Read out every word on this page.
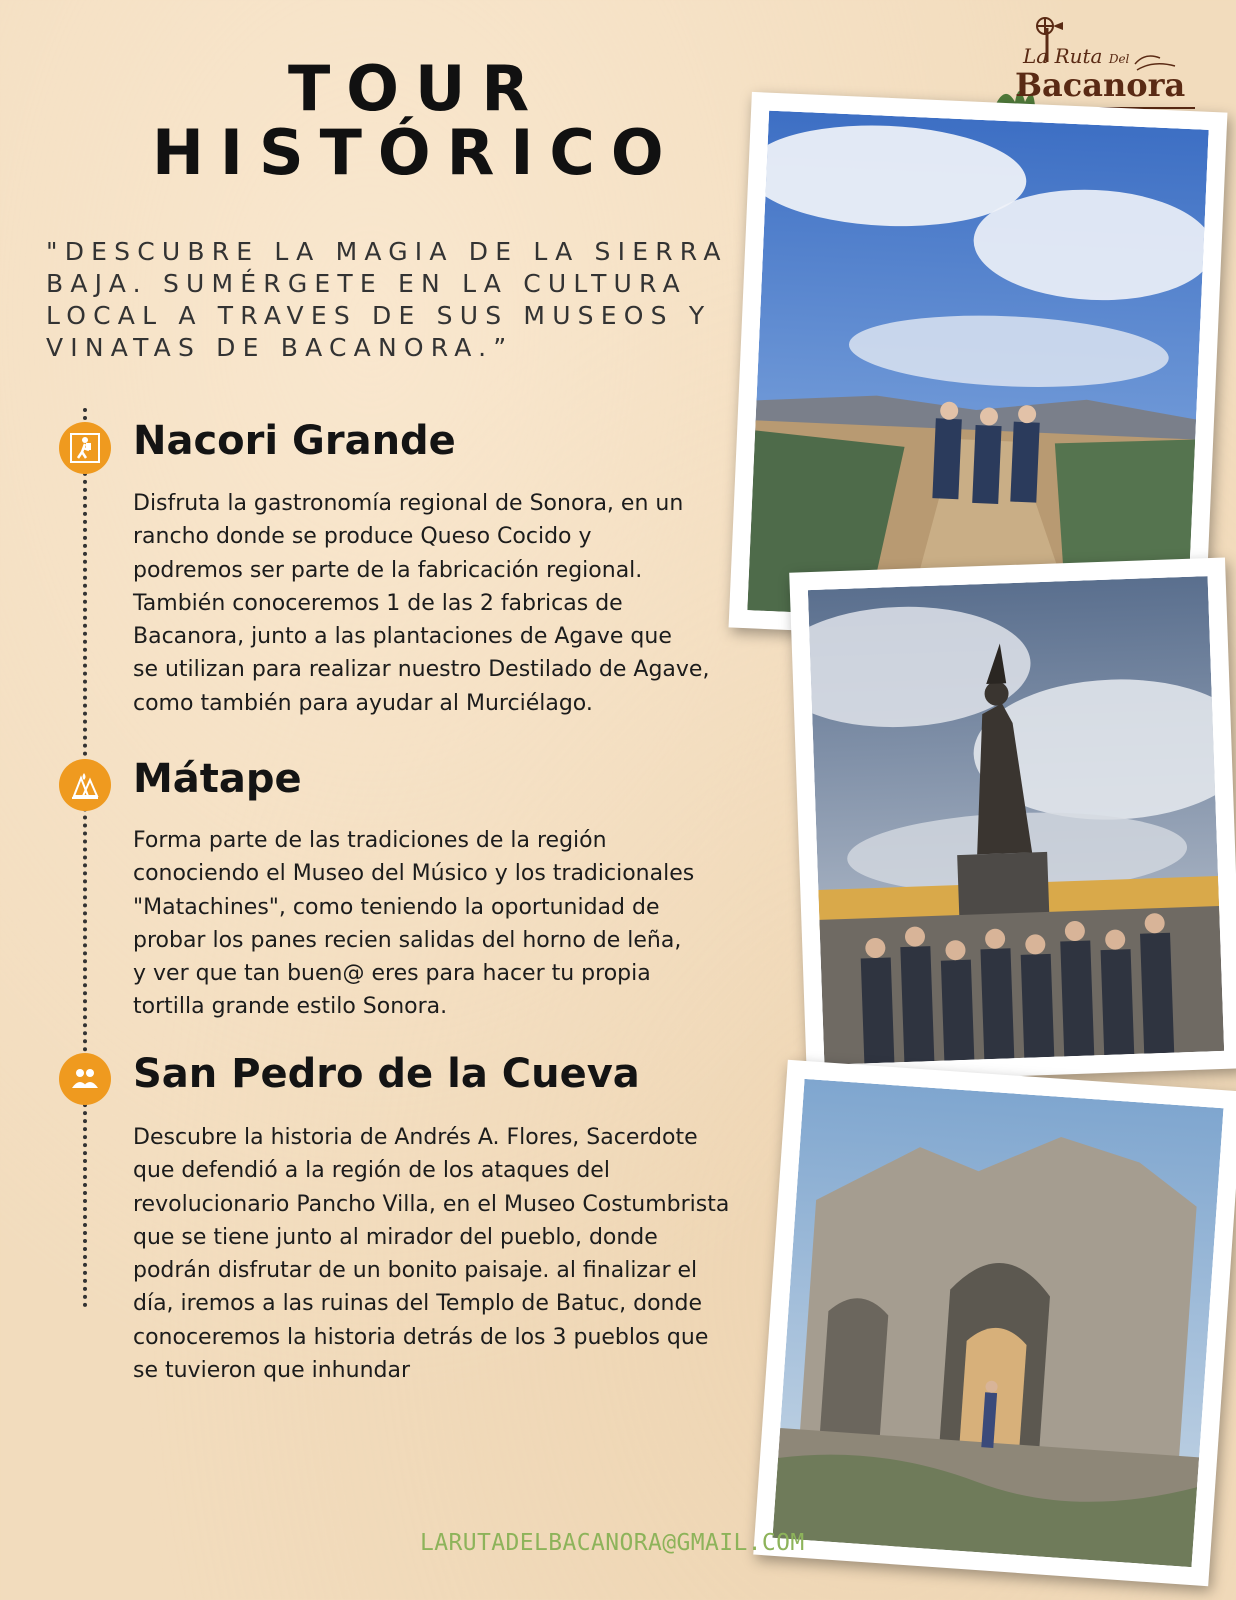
TOUR
HISTÓRICO

"DESCUBRE LA MAGIA DE LA SIERRA BAJA. SUMÉRGETE EN LA CULTURA LOCAL A TRAVES DE SUS MUSEOS Y VINATAS DE BACANORA.”

La Ruta Del
Bacanora
Nacori Grande

Disfruta la gastronomía regional de Sonora, en un
rancho donde se produce Queso Cocido y
podremos ser parte de la fabricación regional.
También conoceremos 1 de las 2 fabricas de
Bacanora, junto a las plantaciones de Agave que
se utilizan para realizar nuestro Destilado de Agave,
como también para ayudar al Murciélago.

Mátape

Forma parte de las tradiciones de la región
conociendo el Museo del Músico y los tradicionales
"Matachines", como teniendo la oportunidad de
probar los panes recien salidas del horno de leña,
y ver que tan buen@ eres para hacer tu propia
tortilla grande estilo Sonora.

San Pedro de la Cueva

Descubre la historia de Andrés A. Flores, Sacerdote
que defendió a la región de los ataques del
revolucionario Pancho Villa, en el Museo Costumbrista
que se tiene junto al mirador del pueblo, donde
podrán disfrutar de un bonito paisaje. al finalizar el
día, iremos a las ruinas del Templo de Batuc, donde
conoceremos la historia detrás de los 3 pueblos que
se tuvieron que inhundar

LARUTADELBACANORA@GMAIL.COM
